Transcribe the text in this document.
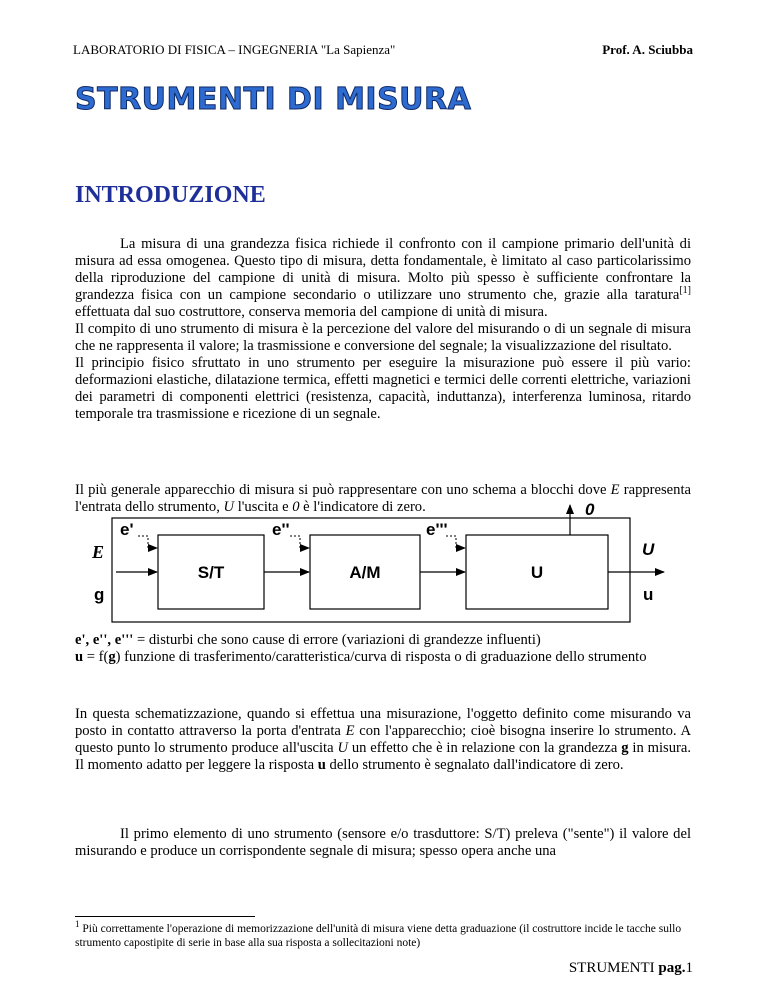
LABORATORIO DI FISICA – INGEGNERIA "La Sapienza"	Prof. A. Sciubba
STRUMENTI DI MISURA
INTRODUZIONE

La misura di una grandezza fisica richiede il confronto con il campione primario dell'unità di misura ad essa omogenea. Questo tipo di misura, detta fondamentale, è limitato al caso particolarissimo della riproduzione del campione di unità di misura. Molto più spesso è sufficiente confrontare la grandezza fisica con un campione secondario o utilizzare uno strumento che, grazie alla taratura[1] effettuata dal suo costruttore, conserva memoria del campione di unità di misura.

Il compito di uno strumento di misura è la percezione del valore del misurando o di un segnale di misura che ne rappresenta il valore; la trasmissione e conversione del segnale; la visualizzazione del risultato.

Il principio fisico sfruttato in uno strumento per eseguire la misurazione può essere il più vario: deformazioni elastiche, dilatazione termica, effetti magnetici e termici delle correnti elettriche, variazioni dei parametri di componenti elettrici (resistenza, capacità, induttanza), interferenza luminosa, ritardo temporale tra trasmissione e ricezione di un segnale.

Il più generale apparecchio di misura si può rappresentare con uno schema a blocchi dove E rappresenta l'entrata dello strumento, U l'uscita e 0 è l'indicatore di zero.	0
e'	e''	e'''
E
g
U
u
S/T	A/M	U

e', e'', e''' = disturbi che sono cause di errore (variazioni di grandezze influenti)

u = f(g) funzione di trasferimento/caratteristica/curva di risposta o di graduazione dello strumento

In questa schematizzazione, quando si effettua una misurazione, l'oggetto definito come misurando va posto in contatto attraverso la porta d'entrata E con l'apparecchio; cioè bisogna inserire lo strumento. A questo punto lo strumento produce all'uscita U un effetto che è in relazione con la grandezza g in misura. Il momento adatto per leggere la risposta u dello strumento è segnalato dall'indicatore di zero.

Il primo elemento di uno strumento (sensore e/o trasduttore: S/T) preleva ("sente") il valore del misurando e produce un corrispondente segnale di misura; spesso opera anche una

$^1$ Più correttamente l'operazione di memorizzazione dell'unità di misura viene detta graduazione (il costruttore incide le tacche sullo strumento capostipite di serie in base alla sua risposta a sollecitazioni note)
STRUMENTI pag.1
